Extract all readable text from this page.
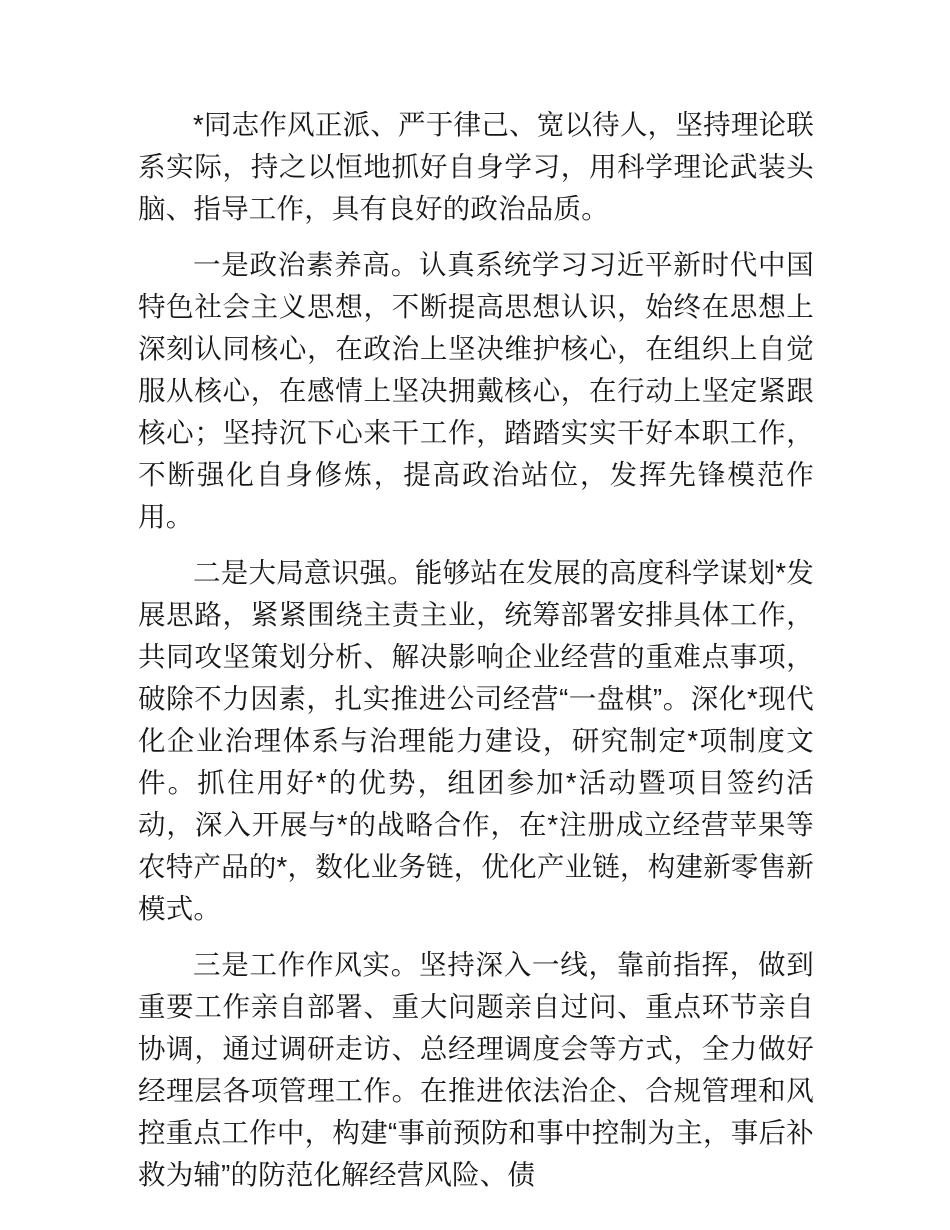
*同志作风正派、严于律己、宽以待人，坚持理论联系实际，持之以恒地抓好自身学习，用科学理论武装头脑、指导工作，具有良好的政治品质。

一是政治素养高。认真系统学习习近平新时代中国特色社会主义思想，不断提高思想认识，始终在思想上深刻认同核心，在政治上坚决维护核心，在组织上自觉服从核心，在感情上坚决拥戴核心，在行动上坚定紧跟核心；坚持沉下心来干工作，踏踏实实干好本职工作，不断强化自身修炼，提高政治站位，发挥先锋模范作用。

二是大局意识强。能够站在发展的高度科学谋划*发展思路，紧紧围绕主责主业，统筹部署安排具体工作，共同攻坚策划分析、解决影响企业经营的重难点事项，破除不力因素，扎实推进公司经营“一盘棋”。深化*现代化企业治理体系与治理能力建设，研究制定*项制度文件。抓住用好*的优势，组团参加*活动暨项目签约活动，深入开展与*的战略合作，在*注册成立经营苹果等农特产品的*，数化业务链，优化产业链，构建新零售新模式。

三是工作作风实。坚持深入一线，靠前指挥，做到重要工作亲自部署、重大问题亲自过问、重点环节亲自协调，通过调研走访、总经理调度会等方式，全力做好经理层各项管理工作。在推进依法治企、合规管理和风控重点工作中，构建“事前预防和事中控制为主，事后补救为辅”的防范化解经营风险、债
